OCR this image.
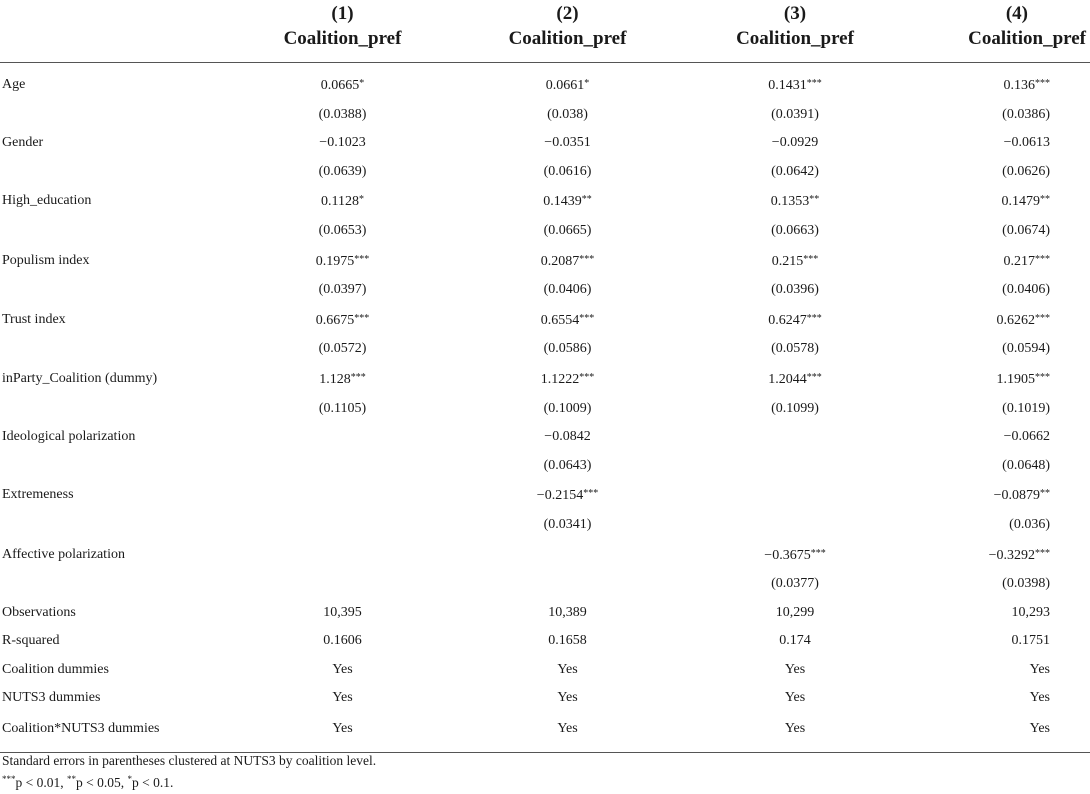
	(1)	(2)	(3)	(4)
	Coalition_pref	Coalition_pref	Coalition_pref	Coalition_pref
Age	0.0665*	0.0661*	0.1431***	0.136***
	(0.0388)	(0.038)	(0.0391)	(0.0386)
Gender	−0.1023	−0.0351	−0.0929	−0.0613
	(0.0639)	(0.0616)	(0.0642)	(0.0626)
High_education	0.1128*	0.1439**	0.1353**	0.1479**
	(0.0653)	(0.0665)	(0.0663)	(0.0674)
Populism index	0.1975***	0.2087***	0.215***	0.217***
	(0.0397)	(0.0406)	(0.0396)	(0.0406)
Trust index	0.6675***	0.6554***	0.6247***	0.6262***
	(0.0572)	(0.0586)	(0.0578)	(0.0594)
inParty_Coalition (dummy)	1.128***	1.1222***	1.2044***	1.1905***
	(0.1105)	(0.1009)	(0.1099)	(0.1019)
Ideological polarization		−0.0842		−0.0662
		(0.0643)		(0.0648)
Extremeness		−0.2154***		−0.0879**
		(0.0341)		(0.036)
Affective polarization			−0.3675***	−0.3292***
			(0.0377)	(0.0398)
Observations	10,395	10,389	10,299	10,293
R-squared	0.1606	0.1658	0.174	0.1751
Coalition dummies	Yes	Yes	Yes	Yes
NUTS3 dummies	Yes	Yes	Yes	Yes
Coalition*NUTS3 dummies	Yes	Yes	Yes	Yes
Standard errors in parentheses clustered at NUTS3 by coalition level.
***p < 0.01, **p < 0.05, *p < 0.1.
